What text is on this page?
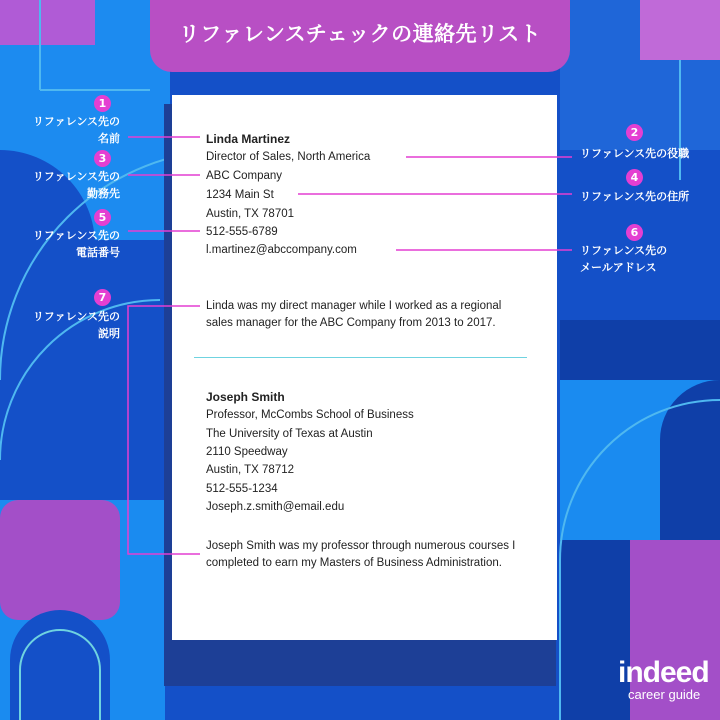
リファレンスチェックの連絡先リスト
Linda Martinez
Director of Sales, North America
ABC Company
1234 Main St
Austin, TX 78701
512-555-6789
l.martinez@abccompany.com
Linda was my direct manager while I worked as a regional
sales manager for the ABC Company from 2013 to 2017.
Joseph Smith
Professor, McCombs School of Business
The University of Texas at Austin
2110 Speedway
Austin, TX 78712
512-555-1234
Joseph.z.smith@email.edu
Joseph Smith was my professor through numerous courses I
completed to earn my Masters of Business Administration.
1
リファレンス先の
名前
3
リファレンス先の
勤務先
5
リファレンス先の
電話番号
7
リファレンス先の
説明
2
リファレンス先の役職
4
リファレンス先の住所
6
リファレンス先の
メールアドレス
indeed
career guide
